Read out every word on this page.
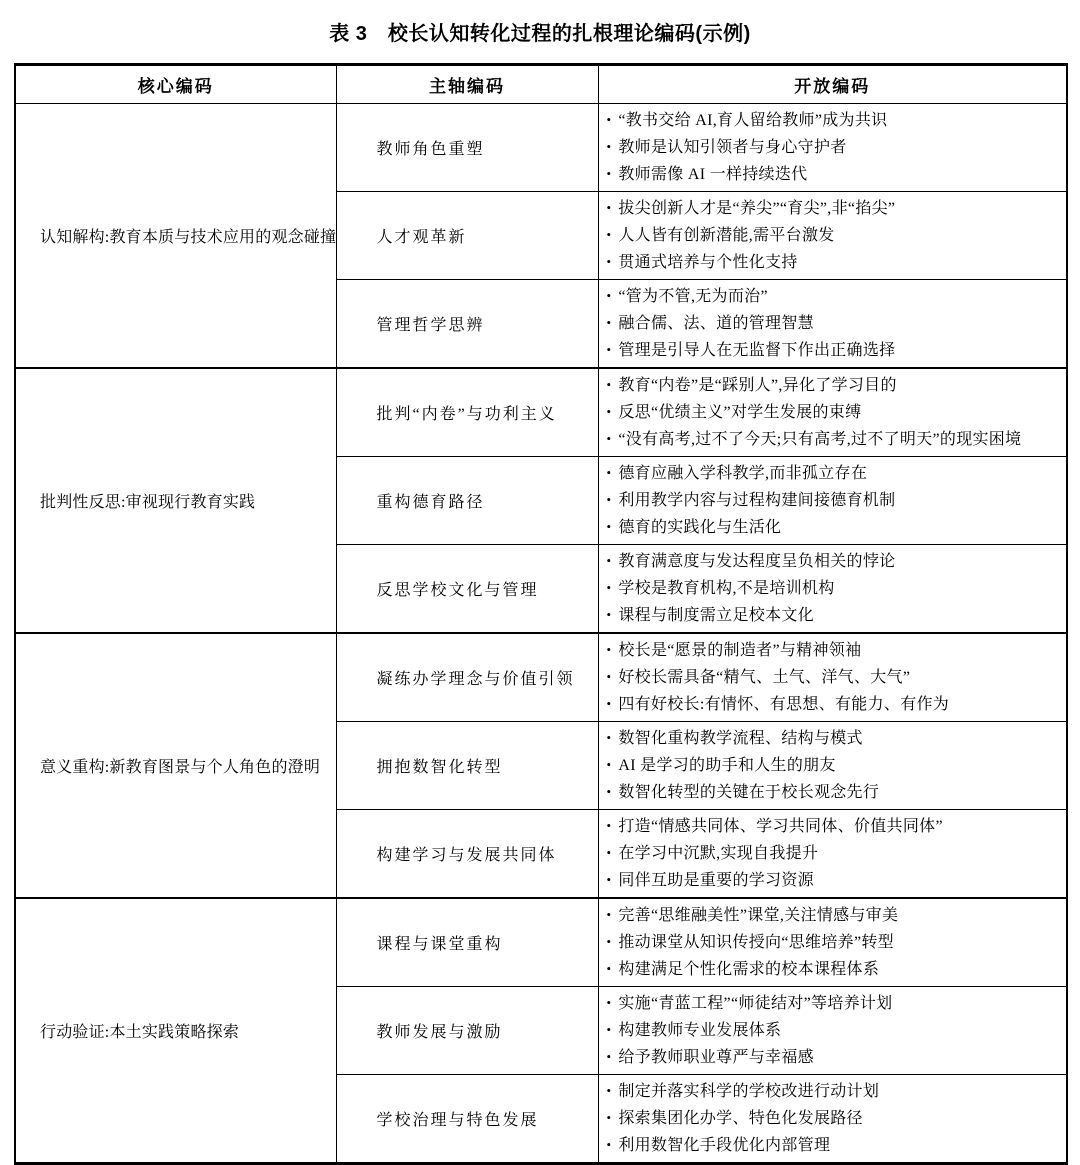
表 3　校长认知转化过程的扎根理论编码(示例)
核心编码	主轴编码	开放编码
认知解构:教育本质与技术应用的观念碰撞	教师角色重塑	• “教书交给 AI,育人留给教师”成为共识
• 教师是认知引领者与身心守护者
• 教师需像 AI 一样持续迭代

	人才观革新	• 拔尖创新人才是“养尖”“育尖”,非“掐尖”
• 人人皆有创新潜能,需平台激发
• 贯通式培养与个性化支持

	管理哲学思辨	• “管为不管,无为而治”
• 融合儒、法、道的管理智慧
• 管理是引导人在无监督下作出正确选择

批判性反思:审视现行教育实践	批判“内卷”与功利主义	• 教育“内卷”是“踩别人”,异化了学习目的
• 反思“优绩主义”对学生发展的束缚
• “没有高考,过不了今天;只有高考,过不了明天”的现实困境

	重构德育路径	• 德育应融入学科教学,而非孤立存在
• 利用教学内容与过程构建间接德育机制
• 德育的实践化与生活化

	反思学校文化与管理	• 教育满意度与发达程度呈负相关的悖论
• 学校是教育机构,不是培训机构
• 课程与制度需立足校本文化

意义重构:新教育图景与个人角色的澄明	凝练办学理念与价值引领	• 校长是“愿景的制造者”与精神领袖
• 好校长需具备“精气、土气、洋气、大气”
• 四有好校长:有情怀、有思想、有能力、有作为

	拥抱数智化转型	• 数智化重构教学流程、结构与模式
• AI 是学习的助手和人生的朋友
• 数智化转型的关键在于校长观念先行

	构建学习与发展共同体	• 打造“情感共同体、学习共同体、价值共同体”
• 在学习中沉默,实现自我提升
• 同伴互助是重要的学习资源

行动验证:本土实践策略探索	课程与课堂重构	• 完善“思维融美性”课堂,关注情感与审美
• 推动课堂从知识传授向“思维培养”转型
• 构建满足个性化需求的校本课程体系

	教师发展与激励	• 实施“青蓝工程”“师徒结对”等培养计划
• 构建教师专业发展体系
• 给予教师职业尊严与幸福感

	学校治理与特色发展	• 制定并落实科学的学校改进行动计划
• 探索集团化办学、特色化发展路径
• 利用数智化手段优化内部管理
